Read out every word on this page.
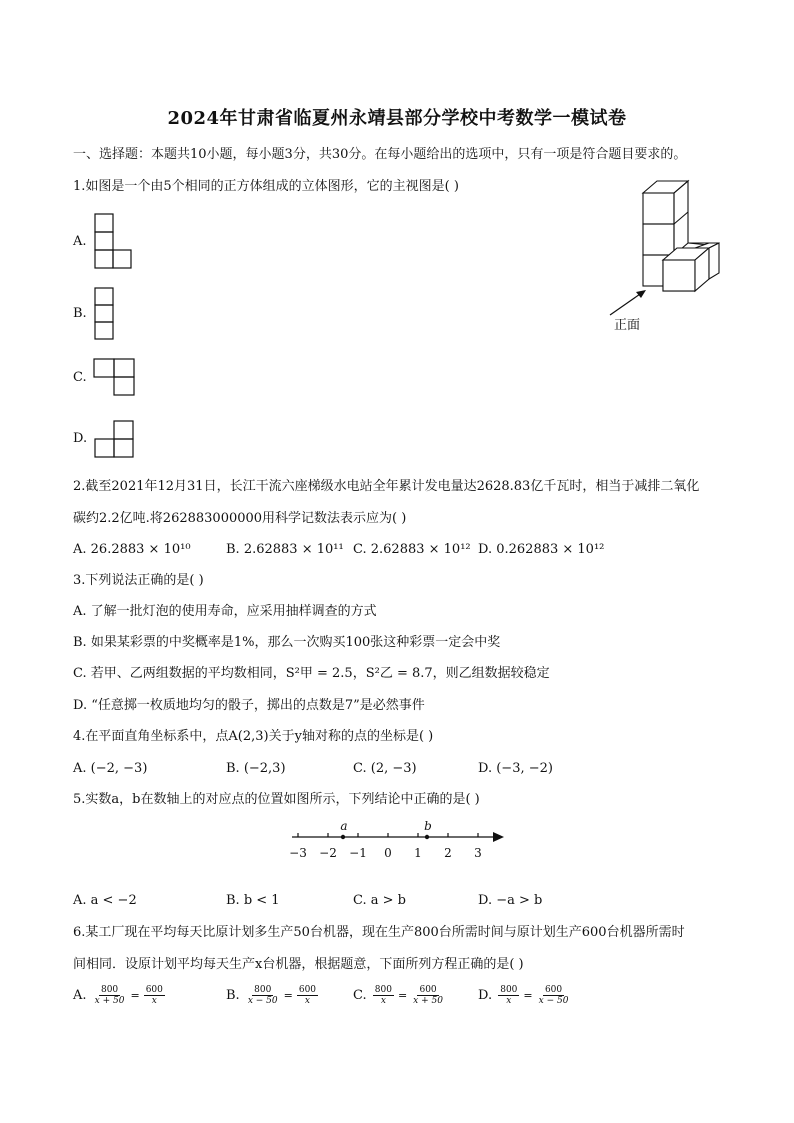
2024年甘肃省临夏州永靖县部分学校中考数学一模试卷
一、选择题：本题共10小题，每小题3分，共30分。在每小题给出的选项中，只有一项是符合题目要求的。
1.如图是一个由5个相同的正方体组成的立体图形，它的主视图是( )
A.
B.
C.
D.
正面
2.截至2021年12月31日，长江干流六座梯级水电站全年累计发电量达2628.83亿千瓦时，相当于减排二氧化
碳约2.2亿吨.将262883000000用科学记数法表示应为( )
A. 26.2883 × 10¹⁰	B. 2.62883 × 10¹¹ C. 2.62883 × 10¹² D. 0.262883 × 10¹²
3.下列说法正确的是( )
A. 了解一批灯泡的使用寿命，应采用抽样调查的方式
B. 如果某彩票的中奖概率是1%，那么一次购买100张这种彩票一定会中奖
C. 若甲、乙两组数据的平均数相同，S²甲 = 2.5，S²乙 = 8.7，则乙组数据较稳定
D. “任意掷一枚质地均匀的骰子，掷出的点数是7”是必然事件
4.在平面直角坐标系中，点A(2,3)关于y轴对称的点的坐标是( )
A. (−2, −3)	B. (−2,3)	C. (2, −3)	D. (−3, −2)
5.实数a，b在数轴上的对应点的位置如图所示，下列结论中正确的是( )
−3 −2 −1 0 1 2 3
a	b
A. a < −2	B. b < 1	C. a > b	D. −a > b
6.某工厂现在平均每天比原计划多生产50台机器，现在生产800台所需时间与原计划生产600台机器所需时
间相同．设原计划平均每天生产x台机器，根据题意，下面所列方程正确的是( )
A. $\frac{800}{x + 50} = \frac{600}{x}$	B. $\frac{800}{x - 50} = \frac{600}{x}$	C. $\frac{800}{x} = \frac{600}{x + 50}$	D. $\frac{800}{x} = \frac{600}{x - 50}$
